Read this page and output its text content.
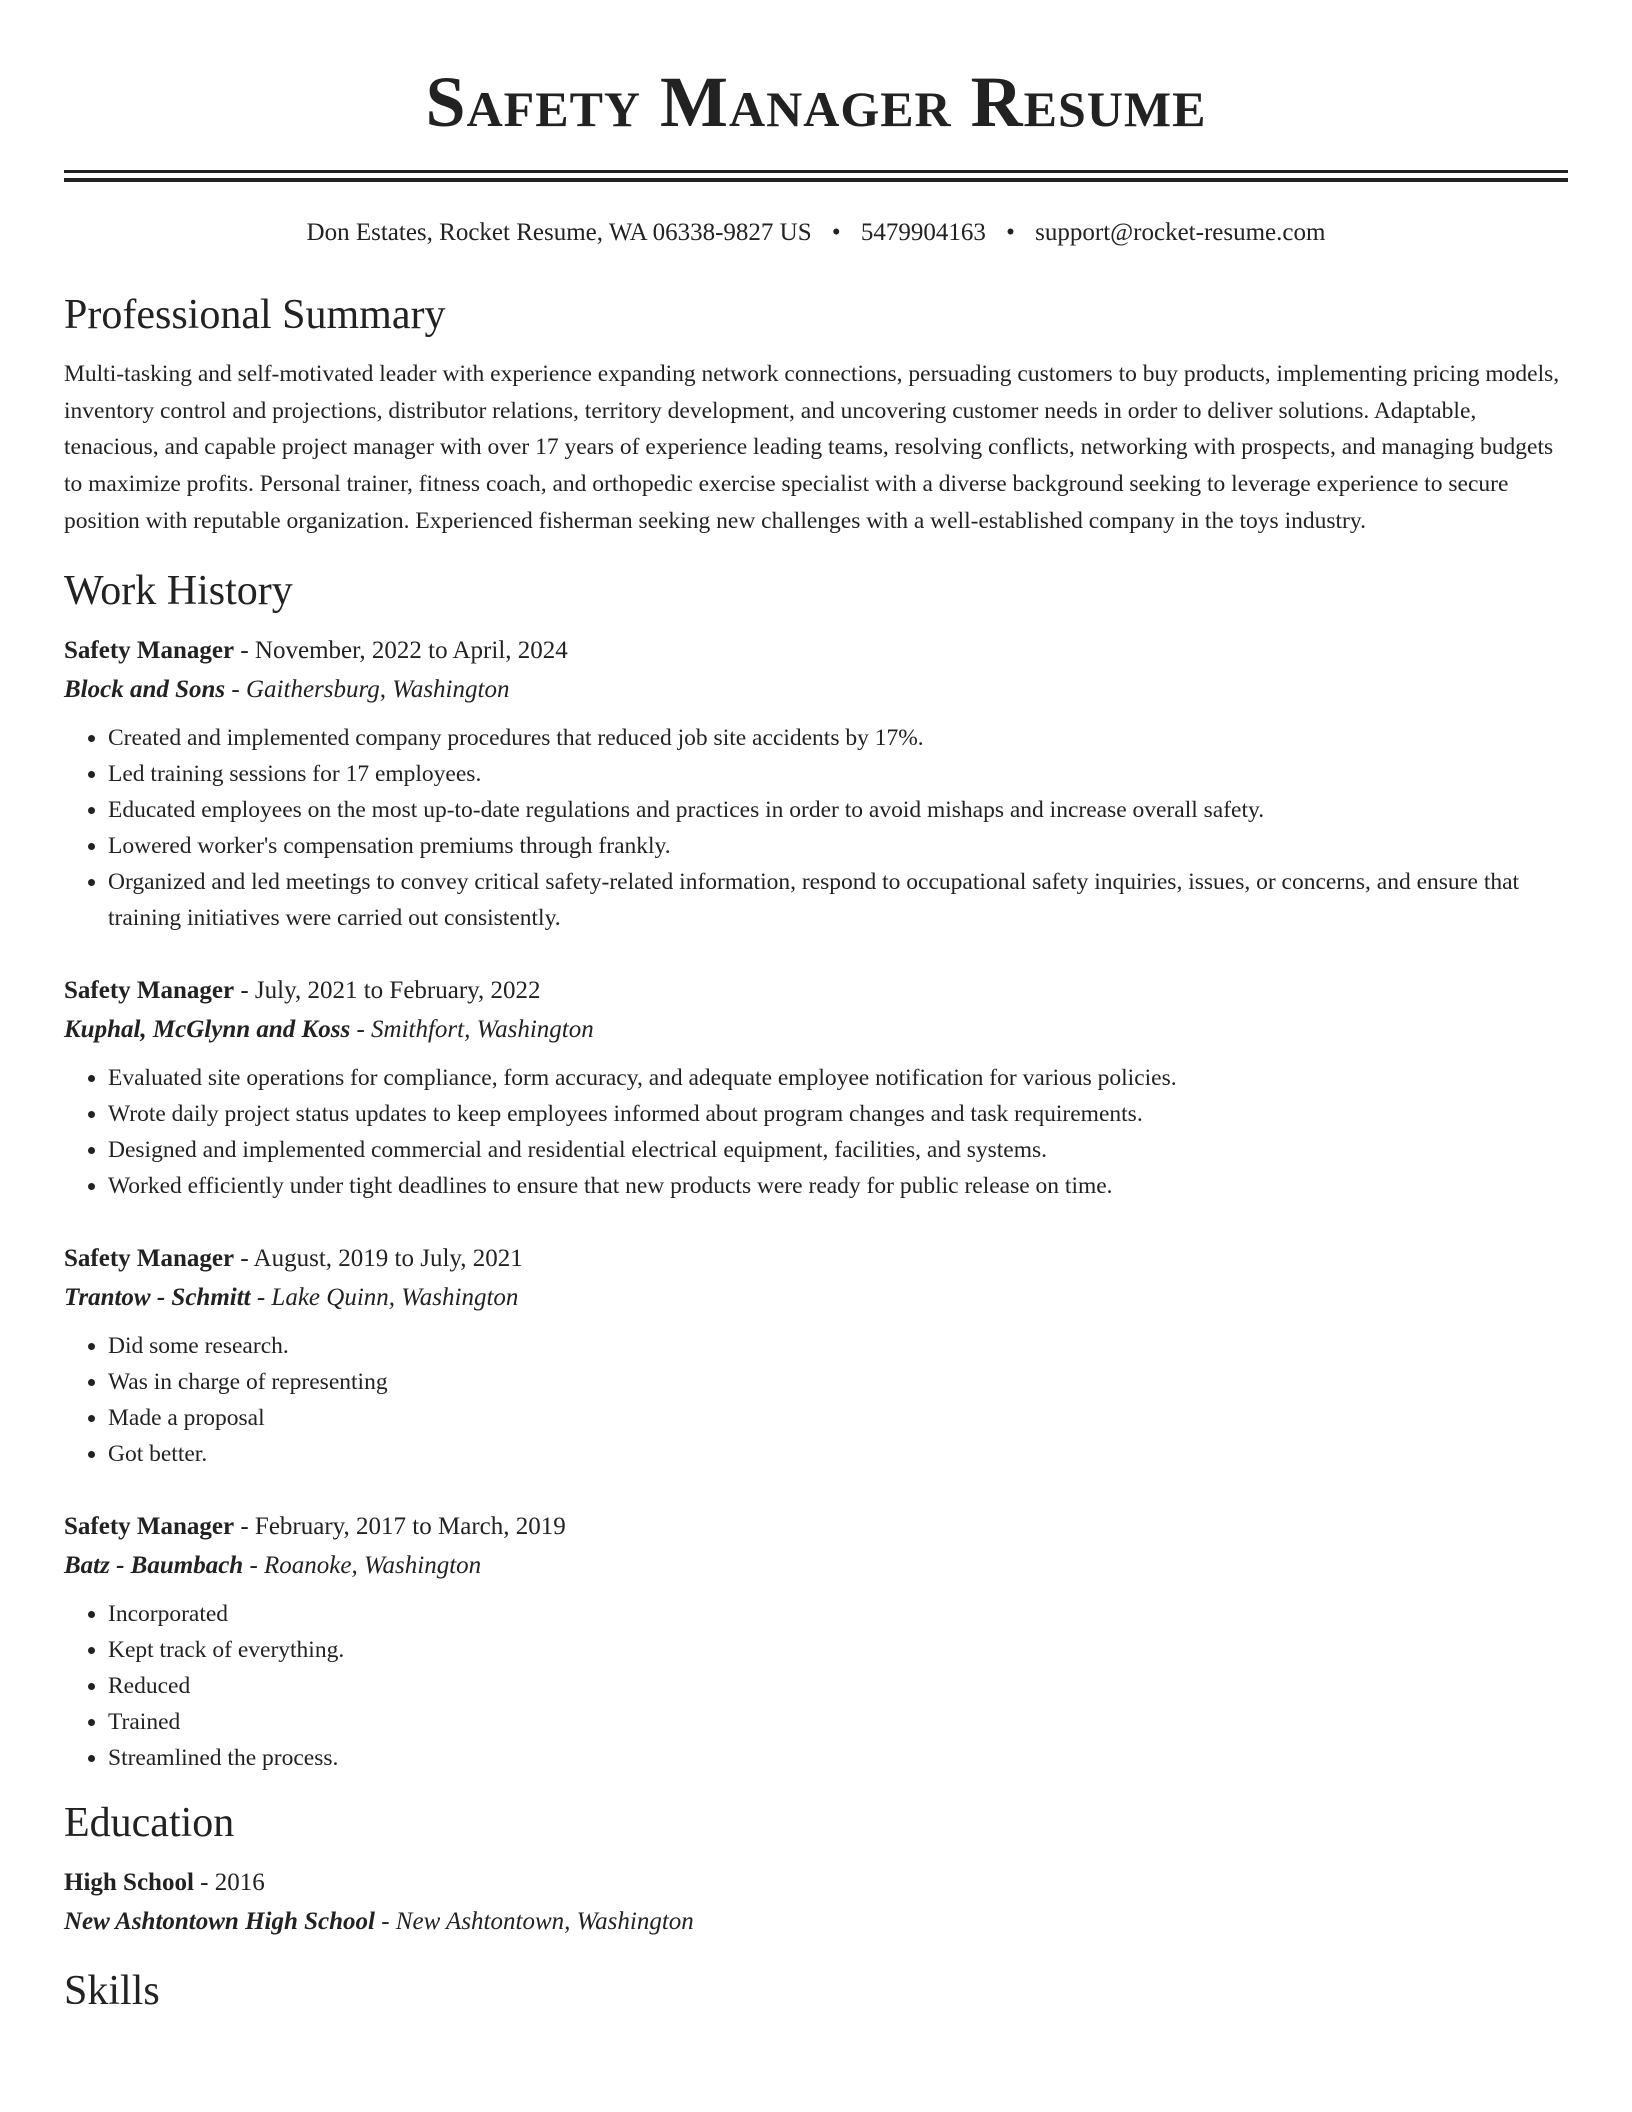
Safety Manager Resume
Don Estates, Rocket Resume, WA 06338-9827 US • 5479904163 • support@rocket-resume.com
Professional Summary

Multi-tasking and self-motivated leader with experience expanding network connections, persuading customers to buy products, implementing pricing models, inventory control and projections, distributor relations, territory development, and uncovering customer needs in order to deliver solutions. Adaptable, tenacious, and capable project manager with over 17 years of experience leading teams, resolving conflicts, networking with prospects, and managing budgets to maximize profits. Personal trainer, fitness coach, and orthopedic exercise specialist with a diverse background seeking to leverage experience to secure position with reputable organization. Experienced fisherman seeking new challenges with a well-established company in the toys industry.

Work History
Safety Manager - November, 2022 to April, 2024
Block and Sons - Gaithersburg, Washington
• Created and implemented company procedures that reduced job site accidents by 17%.
• Led training sessions for 17 employees.
• Educated employees on the most up-to-date regulations and practices in order to avoid mishaps and increase overall safety.
• Lowered worker's compensation premiums through frankly.
• Organized and led meetings to convey critical safety-related information, respond to occupational safety inquiries, issues, or concerns, and ensure that training initiatives were carried out consistently.
Safety Manager - July, 2021 to February, 2022
Kuphal, McGlynn and Koss - Smithfort, Washington
• Evaluated site operations for compliance, form accuracy, and adequate employee notification for various policies.
• Wrote daily project status updates to keep employees informed about program changes and task requirements.
• Designed and implemented commercial and residential electrical equipment, facilities, and systems.
• Worked efficiently under tight deadlines to ensure that new products were ready for public release on time.
Safety Manager - August, 2019 to July, 2021
Trantow - Schmitt - Lake Quinn, Washington
• Did some research.
• Was in charge of representing
• Made a proposal
• Got better.
Safety Manager - February, 2017 to March, 2019
Batz - Baumbach - Roanoke, Washington
• Incorporated
• Kept track of everything.
• Reduced
• Trained
• Streamlined the process.
Education
High School - 2016
New Ashtontown High School - New Ashtontown, Washington
Skills
